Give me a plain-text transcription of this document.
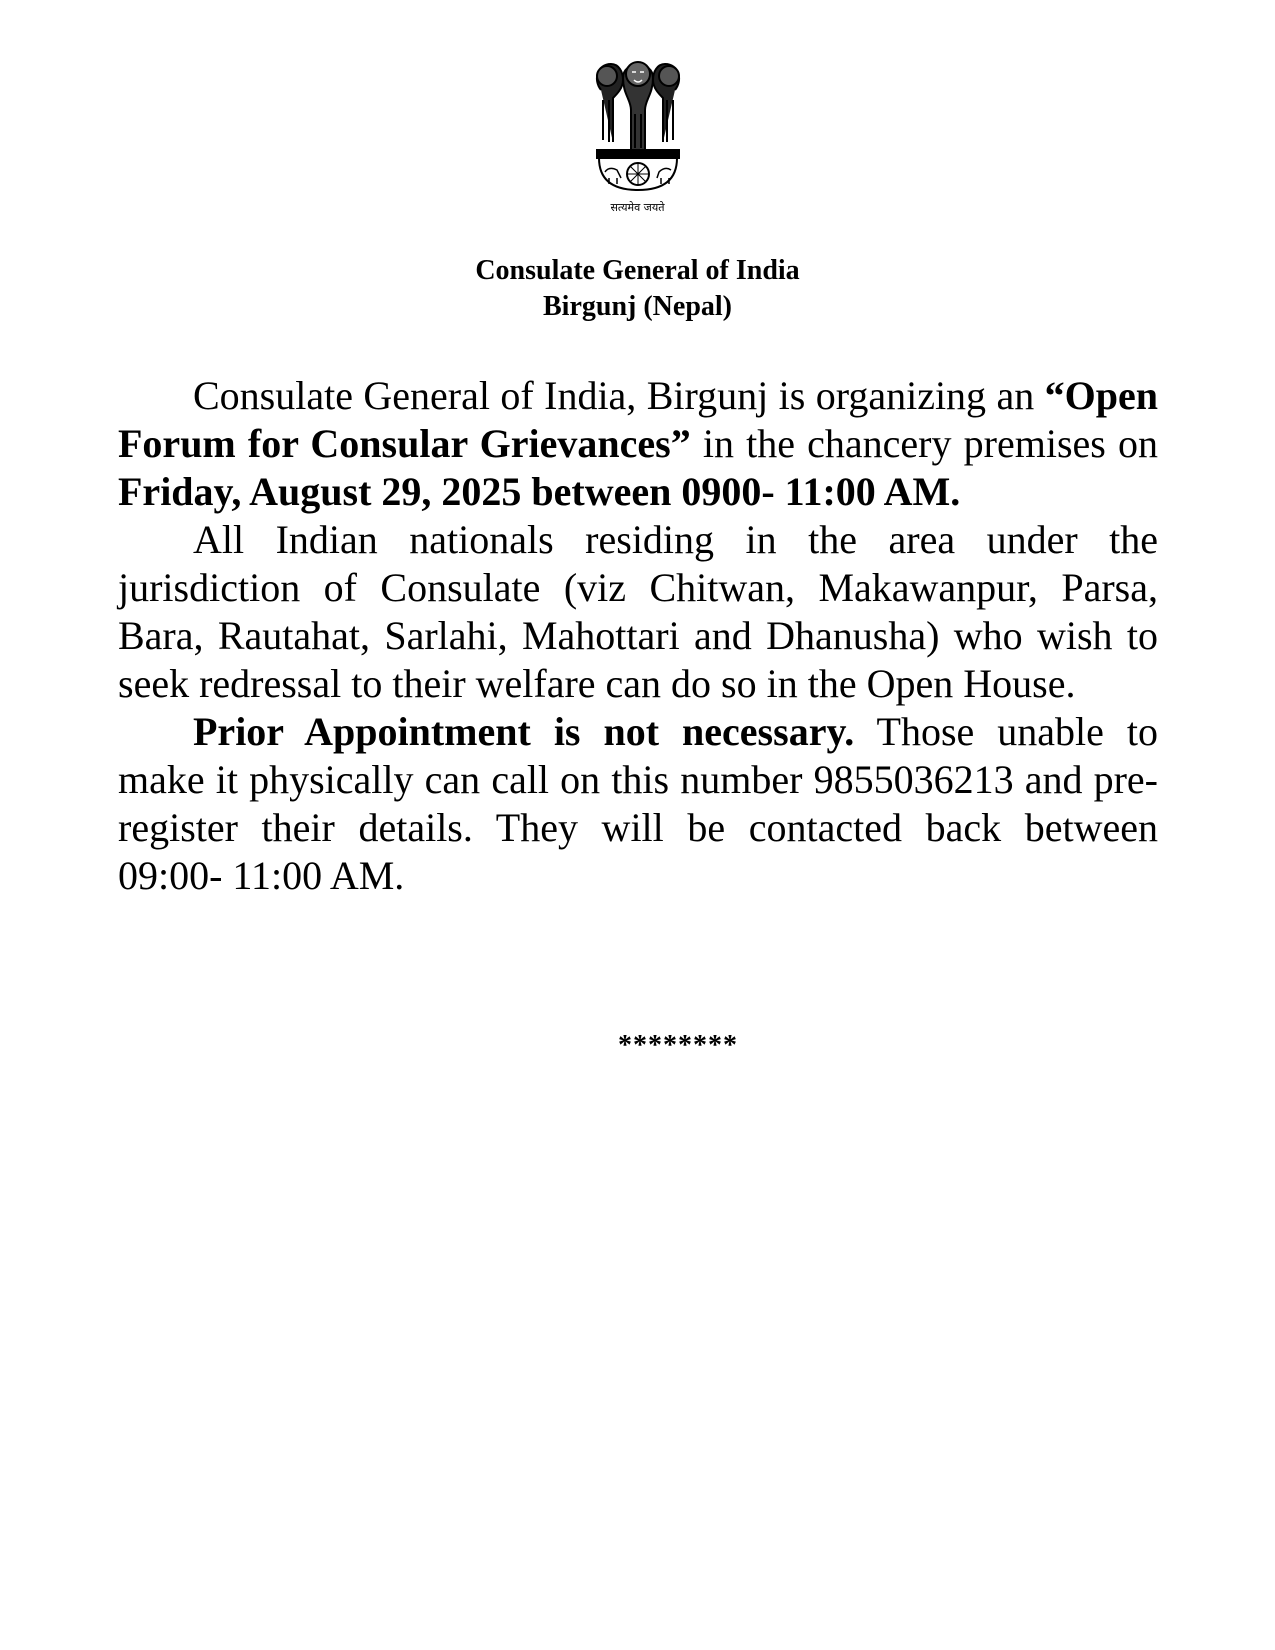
सत्यमेव जयते
Consulate General of India
Birgunj (Nepal)

Consulate General of India, Birgunj is organizing an “Open Forum for Consular Grievances” in the chancery premises on Friday, August 29, 2025 between 0900- 11:00 AM.

All Indian nationals residing in the area under the jurisdiction of Consulate (viz Chitwan, Makawanpur, Parsa, Bara, Rautahat, Sarlahi, Mahottari and Dhanusha) who wish to seek redressal to their welfare can do so in the Open House.

Prior Appointment is not necessary. Those unable to make it physically can call on this number 9855036213 and pre-register their details. They will be contacted back between 09:00- 11:00 AM.

********
